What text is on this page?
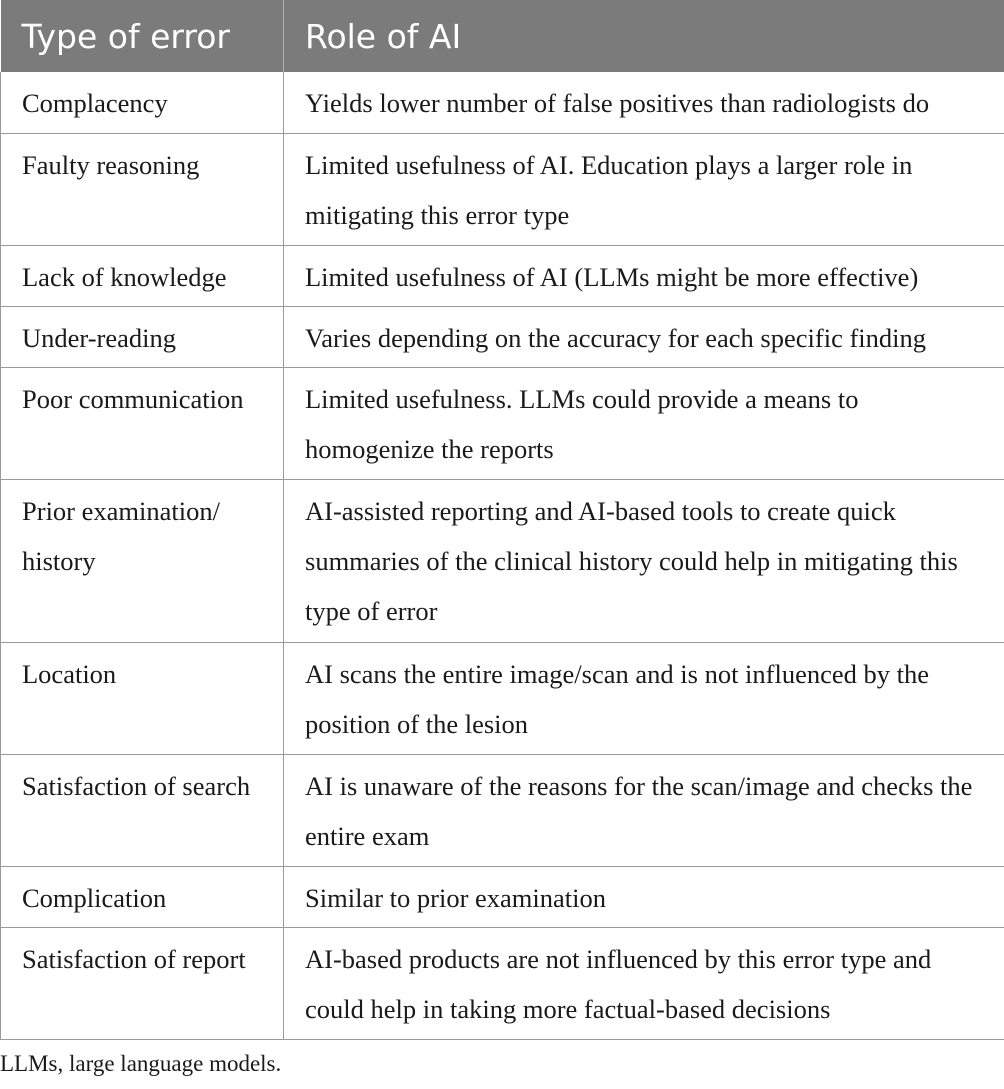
Type of error	Role of AI
Complacency	Yields lower number of false positives than radiologists do
Faulty reasoning	Limited usefulness of AI. Education plays a larger role in mitigating this error type
Lack of knowledge	Limited usefulness of AI (LLMs might be more effective)
Under-reading	Varies depending on the accuracy for each specific finding
Poor communication	Limited usefulness. LLMs could provide a means to homogenize the reports
Prior examination/ history	AI-assisted reporting and AI-based tools to create quick summaries of the clinical history could help in mitigating this type of error
Location	AI scans the entire image/scan and is not influenced by the position of the lesion
Satisfaction of search	AI is unaware of the reasons for the scan/image and checks the entire exam
Complication	Similar to prior examination
Satisfaction of report	AI-based products are not influenced by this error type and could help in taking more factual-based decisions
LLMs, large language models.
